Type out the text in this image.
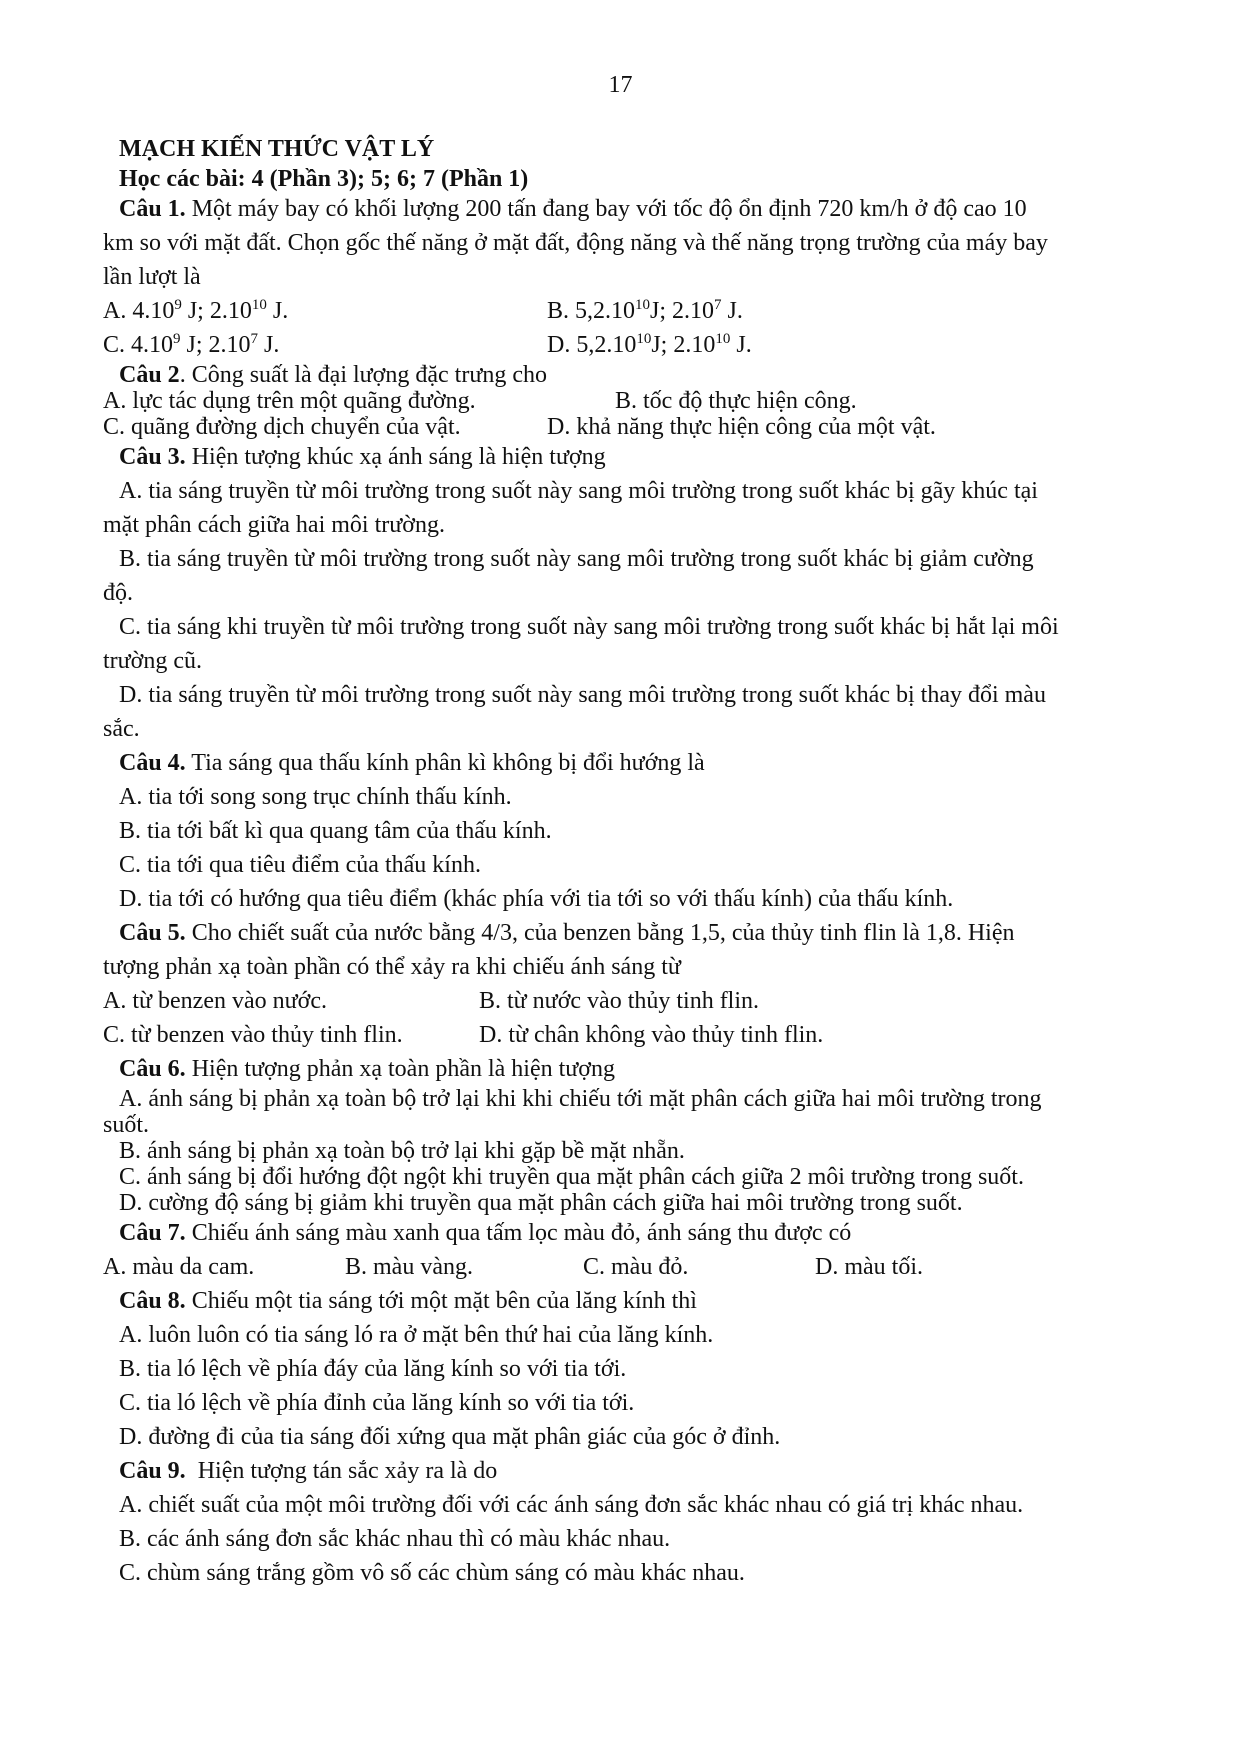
17
MẠCH KIẾN THỨC VẬT LÝ
Học các bài: 4 (Phần 3); 5; 6; 7 (Phần 1)
Câu 1. Một máy bay có khối lượng 200 tấn đang bay với tốc độ ổn định 720 km/h ở độ cao 10
km so với mặt đất. Chọn gốc thế năng ở mặt đất, động năng và thế năng trọng trường của máy bay
lần lượt là
A. 4.10$^9$ J; 2.10$^{10}$ J.	B. 5,2.10$^{10}$J; 2.10$^7$ J.
C. 4.10$^9$ J; 2.10$^7$ J.	D. 5,2.10$^{10}$J; 2.10$^{10}$ J.
Câu 2. Công suất là đại lượng đặc trưng cho
A. lực tác dụng trên một quãng đường.	B. tốc độ thực hiện công.
C. quãng đường dịch chuyển của vật.	D. khả năng thực hiện công của một vật.
Câu 3. Hiện tượng khúc xạ ánh sáng là hiện tượng
A. tia sáng truyền từ môi trường trong suốt này sang môi trường trong suốt khác bị gãy khúc tại
mặt phân cách giữa hai môi trường.
B. tia sáng truyền từ môi trường trong suốt này sang môi trường trong suốt khác bị giảm cường
độ.
C. tia sáng khi truyền từ môi trường trong suốt này sang môi trường trong suốt khác bị hắt lại môi
trường cũ.
D. tia sáng truyền từ môi trường trong suốt này sang môi trường trong suốt khác bị thay đổi màu
sắc.
Câu 4. Tia sáng qua thấu kính phân kì không bị đổi hướng là
A. tia tới song song trục chính thấu kính.
B. tia tới bất kì qua quang tâm của thấu kính.
C. tia tới qua tiêu điểm của thấu kính.
D. tia tới có hướng qua tiêu điểm (khác phía với tia tới so với thấu kính) của thấu kính.
Câu 5. Cho chiết suất của nước bằng 4/3, của benzen bằng 1,5, của thủy tinh flin là 1,8. Hiện
tượng phản xạ toàn phần có thể xảy ra khi chiếu ánh sáng từ
A. từ benzen vào nước.	B. từ nước vào thủy tinh flin.
C. từ benzen vào thủy tinh flin.	D. từ chân không vào thủy tinh flin.
Câu 6. Hiện tượng phản xạ toàn phần là hiện tượng
A. ánh sáng bị phản xạ toàn bộ trở lại khi khi chiếu tới mặt phân cách giữa hai môi trường trong
suốt.
B. ánh sáng bị phản xạ toàn bộ trở lại khi gặp bề mặt nhẵn.
C. ánh sáng bị đổi hướng đột ngột khi truyền qua mặt phân cách giữa 2 môi trường trong suốt.
D. cường độ sáng bị giảm khi truyền qua mặt phân cách giữa hai môi trường trong suốt.
Câu 7. Chiếu ánh sáng màu xanh qua tấm lọc màu đỏ, ánh sáng thu được có
A. màu da cam.	B. màu vàng.	C. màu đỏ.	D. màu tối.
Câu 8. Chiếu một tia sáng tới một mặt bên của lăng kính thì
A. luôn luôn có tia sáng ló ra ở mặt bên thứ hai của lăng kính.
B. tia ló lệch về phía đáy của lăng kính so với tia tới.
C. tia ló lệch về phía đỉnh của lăng kính so với tia tới.
D. đường đi của tia sáng đối xứng qua mặt phân giác của góc ở đỉnh.
Câu 9.  Hiện tượng tán sắc xảy ra là do
A. chiết suất của một môi trường đối với các ánh sáng đơn sắc khác nhau có giá trị khác nhau.
B. các ánh sáng đơn sắc khác nhau thì có màu khác nhau.
C. chùm sáng trắng gồm vô số các chùm sáng có màu khác nhau.
